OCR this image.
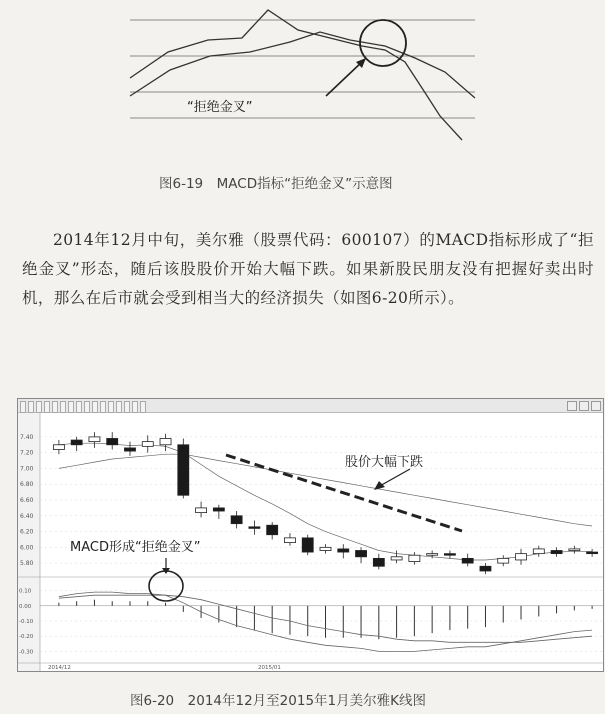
“拒绝金叉”
图6-19　MACD指标“拒绝金叉”示意图

2014年12月中旬，美尔雅（股票代码：600107）的MACD指标形成了“拒绝金叉”形态，随后该股股价开始大幅下跌。如果新股民朋友没有把握好卖出时机，那么在后市就会受到相当大的经济损失（如图6-20所示）。

7.40
7.20
7.00
6.80
6.60
6.40
6.20
6.00
5.80
0.10
0.00
-0.10
-0.20
-0.30
2014/12	2015/01
股价大幅下跌
MACD形成“拒绝金叉”
图6-20　2014年12月至2015年1月美尔雅K线图
